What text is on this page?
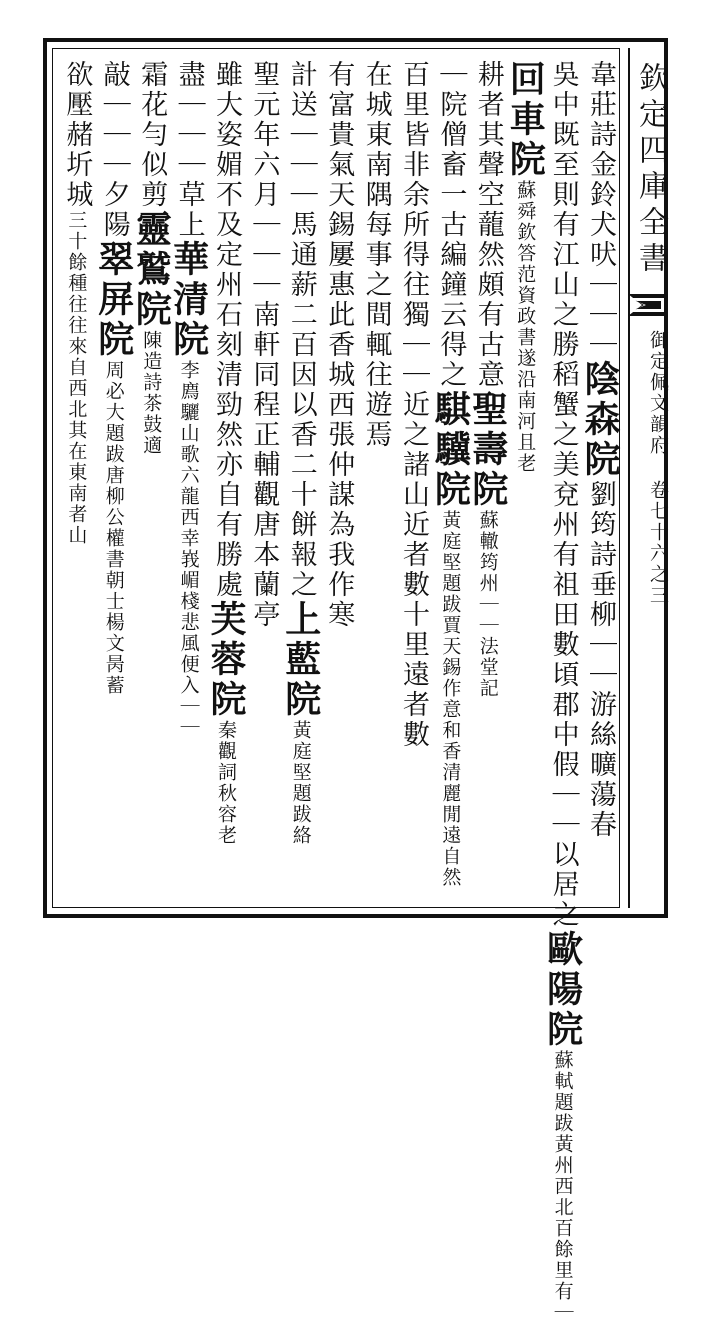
欽定四庫全書
御定佩文韻府 卷七十六之三
韋莊詩金鈴犬吠｜｜｜陰森院劉筠詩垂柳｜｜游絲曠蕩春
吳中既至則有江山之勝稻蟹之美兗州有祖田數頃郡中假｜｜以居之歐陽院蘇軾題跋黃州西北百餘里有｜
回車院蘇舜欽答范資政書遂沿南河且老
耕者其聲空蘢然頗有古意聖壽院蘇轍筠州｜｜法堂記
｜院僧畜一古編鐘云得之騏驥院黃庭堅題跋賈天錫作意和香清麗閒遠自然
百里皆非余所得往獨｜｜近之諸山近者數十里遠者數
在城東南隅每事之間輒往遊焉
有富貴氣天錫屢惠此香城西張仲謀為我作寒
計送｜｜｜馬通薪二百因以香二十餅報之上藍院黃庭堅題跋絡
聖元年六月｜｜｜南軒同程正輔觀唐本蘭亭
雖大姿媚不及定州石刻清勁然亦自有勝處芙蓉院秦觀詞秋容老
盡｜｜｜草上華清院李廌驪山歌六龍西幸峩嵋棧悲風便入｜｜
霜花勻似剪靈鷲院陳造詩茶鼓適
敲｜｜｜夕陽翠屏院周必大題跋唐柳公權書朝士楊文昺蓄
欲壓赭圻城三十餘種往往來自西北其在東南者山
